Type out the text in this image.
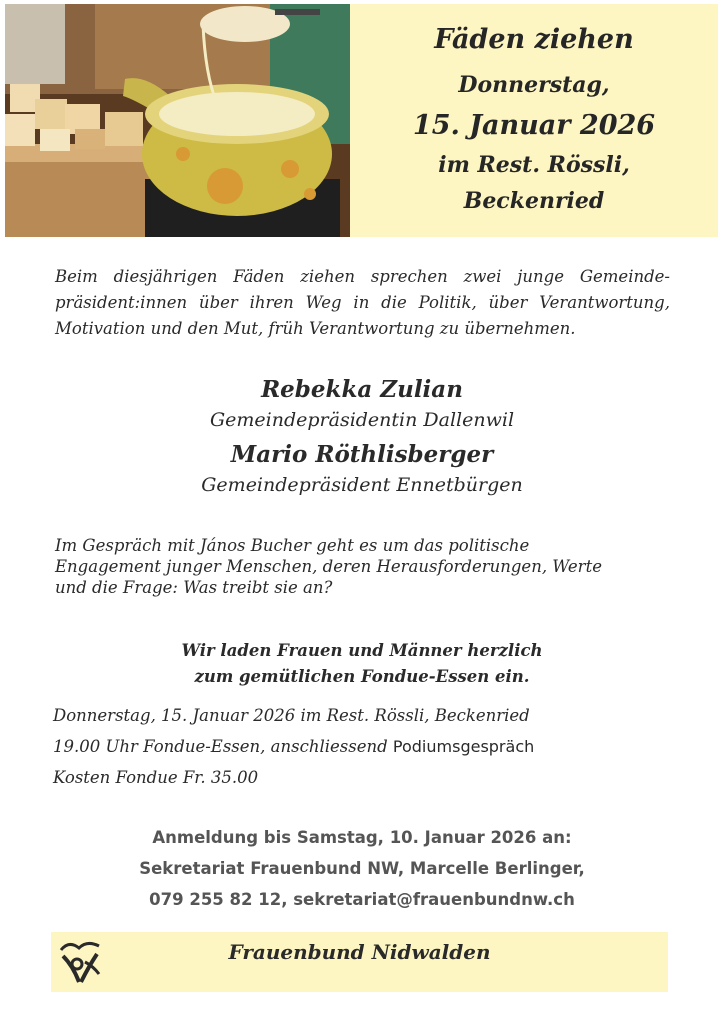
Fäden ziehen
Donnerstag,
15. Januar 2026
im Rest. Rössli,
Beckenried
Beim diesjährigen Fäden ziehen sprechen zwei junge Gemeinde-präsident:innen über ihren Weg in die Politik, über Verantwortung, Motivation und den Mut, früh Verantwortung zu übernehmen.
Rebekka Zulian
Gemeindepräsidentin Dallenwil
Mario Röthlisberger
Gemeindepräsident Ennetbürgen
Im Gespräch mit János Bucher geht es um das politische
Engagement junger Menschen, deren Herausforderungen, Werte
und die Frage: Was treibt sie an?
Wir laden Frauen und Männer herzlich
zum gemütlichen Fondue-Essen ein.
Donnerstag, 15. Januar 2026 im Rest. Rössli, Beckenried
19.00 Uhr Fondue-Essen, anschliessend Podiumsgespräch
Kosten Fondue Fr. 35.00
Anmeldung bis Samstag, 10. Januar 2026 an:
Sekretariat Frauenbund NW, Marcelle Berlinger,
079 255 82 12, sekretariat@frauenbundnw.ch
Frauenbund Nidwalden
